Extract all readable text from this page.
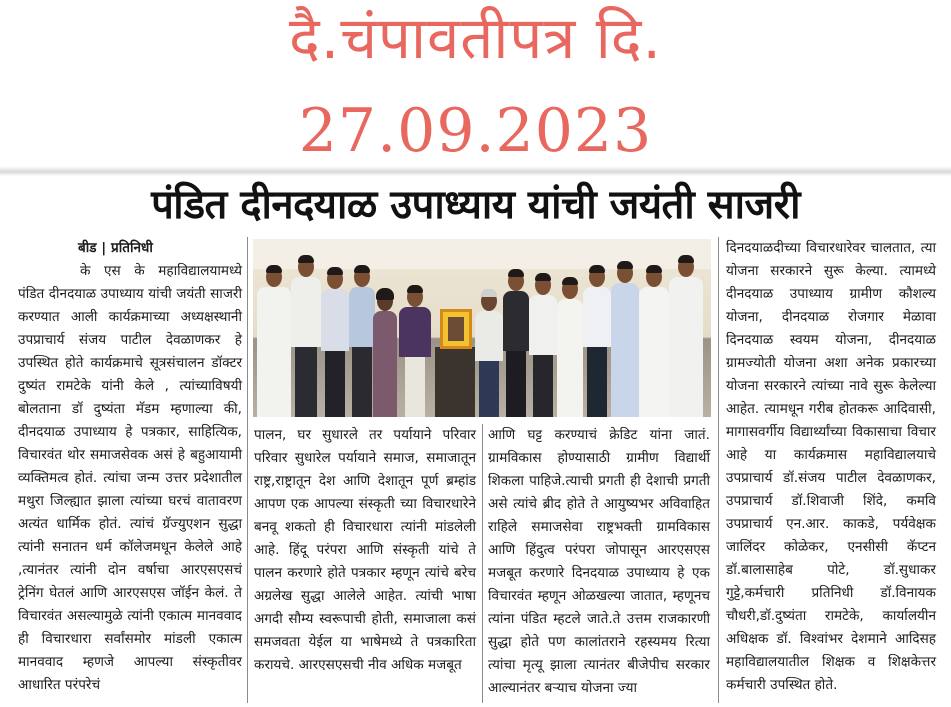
दै.चंपावतीपत्र दि.
27.09.2023
पंडित दीनदयाळ उपाध्याय यांची जयंती साजरी

बीड | प्रतिनिधी

के एस के महाविद्यालयामध्ये पंडित दीनदयाळ उपाध्याय यांची जयंती साजरी करण्यात आली कार्यक्रमाच्या अध्यक्षस्थानी उपप्राचार्य संजय पाटील देवळाणकर हे उपस्थित होते कार्यक्रमाचे सूत्रसंचालन डॉक्टर दुष्यंत रामटेके यांनी केले , त्यांच्याविषयी बोलताना डॉ दुष्यंता मॅडम म्हणाल्या की, दीनदयाळ उपाध्याय हे पत्रकार, साहित्यिक, विचारवंत थोर समाजसेवक असं हे बहुआयामी व्यक्तिमत्व होतं. त्यांचा जन्म उत्तर प्रदेशातील मथुरा जिल्ह्यात झाला त्यांच्या घरचं वातावरण अत्यंत धार्मिक होतं. त्यांचं ग्रॅज्युएशन सुद्धा त्यांनी सनातन धर्म कॉलेजमधून केलेले आहे ,त्यानंतर त्यांनी दोन वर्षाचा आरएसएसचं ट्रेनिंग घेतलं आणि आरएसएस जॉईन केलं. ते विचारवंत असल्यामुळे त्यांनी एकात्म मानववाद ही विचारधारा सर्वांसमोर मांडली एकात्म मानववाद म्हणजे आपल्या संस्कृतीवर आधारित परंपरेचं

पालन, घर सुधारले तर पर्यायाने परिवार परिवार सुधारेल पर्यायाने समाज, समाजातून राष्ट्र,राष्ट्रातून देश आणि देशातून पूर्ण ब्रम्हांड आपण एक आपल्या संस्कृती च्या विचारधारेने बनवू शकतो ही विचारधारा त्यांनी मांडलेली आहे. हिंदू परंपरा आणि संस्कृती यांचे ते पालन करणारे होते पत्रकार म्हणून त्यांचे बरेच अग्रलेख सुद्धा आलेले आहेत. त्यांची भाषा अगदी सौम्य स्वरूपाची होती, समाजाला कसं समजवता येईल या भाषेमध्ये ते पत्रकारिता करायचे. आरएसएसची नीव अधिक मजबूत

आणि घट्ट करण्याचं क्रेडिट यांना जातं. ग्रामविकास होण्यासाठी ग्रामीण विद्यार्थी शिकला पाहिजे.त्याची प्रगती ही देशाची प्रगती असे त्यांचे ब्रीद होते ते आयुष्यभर अविवाहित राहिले समाजसेवा राष्ट्रभक्ती ग्रामविकास आणि हिंदुत्व परंपरा जोपासून आरएसएस मजबूत करणारे दिनदयाळ उपाध्याय हे एक विचारवंत म्हणून ओळखल्या जातात, म्हणूनच त्यांना पंडित म्हटले जाते.ते उत्तम राजकारणी सुद्धा होते पण कालांतराने रहस्यमय रित्या त्यांचा मृत्यू झाला त्यानंतर बीजेपीच सरकार आल्यानंतर बऱ्याच योजना ज्या

दिनदयाळदीच्या विचारधारेवर चालतात, त्या योजना सरकारने सुरू केल्या. त्यामध्ये दीनदयाळ उपाध्याय ग्रामीण कौशल्य योजना, दीनदयाळ रोजगार मेळावा दिनदयाळ स्वयम योजना, दीनदयाळ ग्रामज्योती योजना अशा अनेक प्रकारच्या योजना सरकारने त्यांच्या नावे सुरू केलेल्या आहेत. त्यामधून गरीब होतकरू आदिवासी, मागासवर्गीय विद्यार्थ्यांच्या विकासाचा विचार आहे या कार्यक्रमास महाविद्यालयाचे उपप्राचार्य डॉ.संजय पाटील देवळाणकर, उपप्राचार्य डॉ.शिवाजी शिंदे, कमवि उपप्राचार्य एन.आर. काकडे, पर्यवेक्षक जालिंदर कोळेकर, एनसीसी कॅप्टन डॉ.बालासाहेब पोटे, डॉ.सुधाकर गुट्टे,कर्मचारी प्रतिनिधी डॉ.विनायक चौधरी,डॉ.दुष्यंता रामटेके, कार्यालयीन अधिक्षक डॉ. विश्वांभर देशमाने आदिसह महाविद्यालयातील शिक्षक व शिक्षकेत्तर कर्मचारी उपस्थित होते.
